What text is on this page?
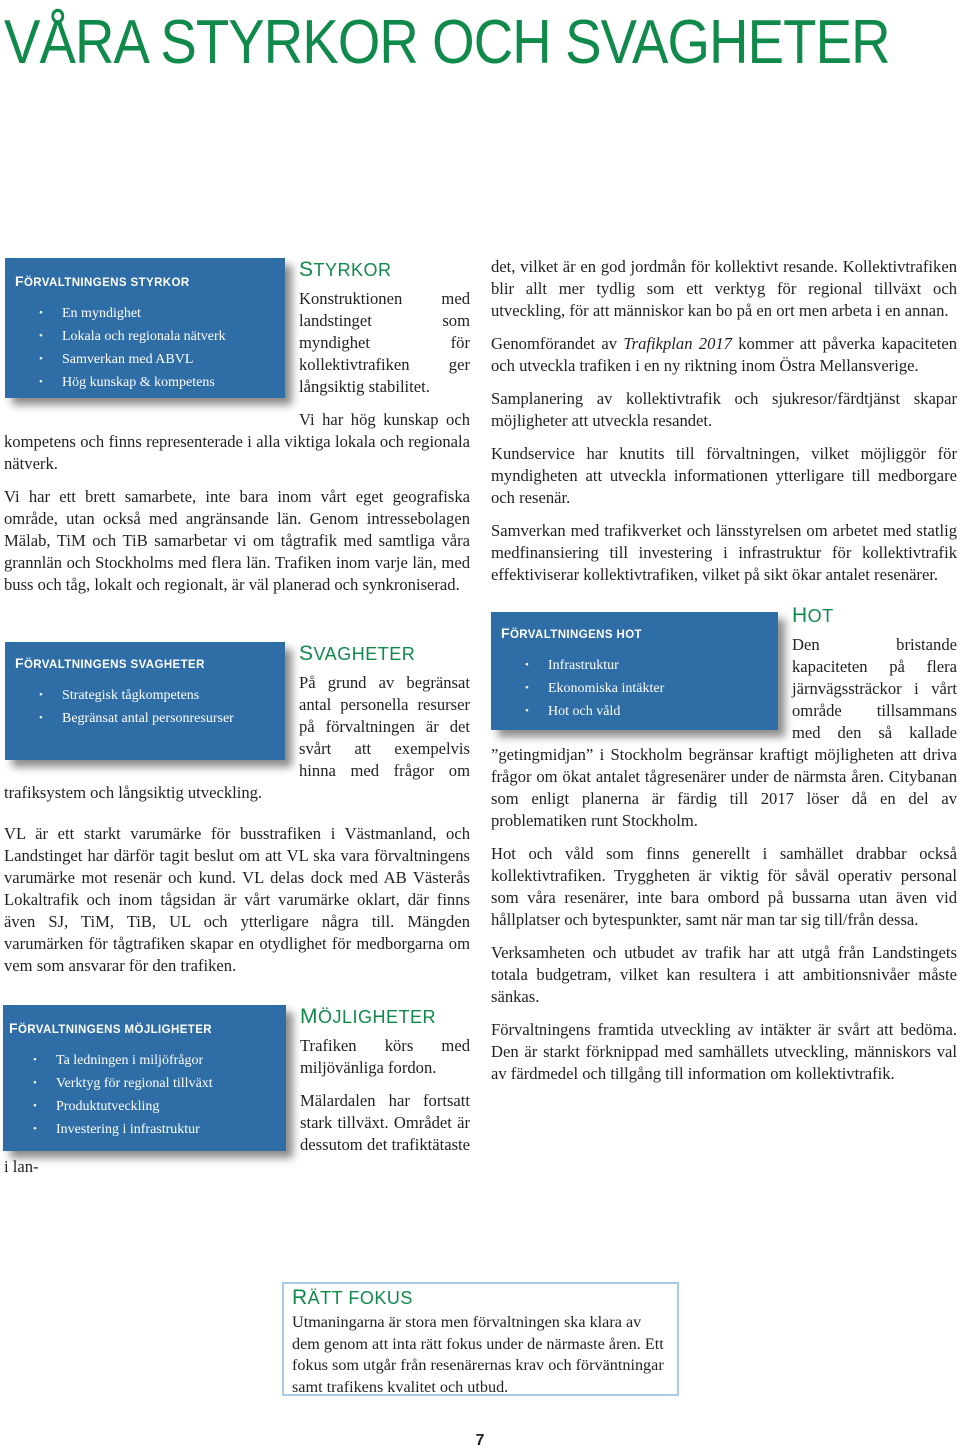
VÅRA STYRKOR OCH SVAGHETER
FÖRVALTNINGENS STYRKOR
• En myndighet
• Lokala och regionala nätverk
• Samverkan med ABVL
• Hög kunskap & kompetens
STYRKOR

Konstruktionen med landstinget som myndighet för kollektivtrafiken ger långsiktig stabilitet.

Vi har hög kunskap och kompetens och finns representerade i alla viktiga lokala och regionala nätverk.

Vi har ett brett samarbete, inte bara inom vårt eget geografiska område, utan också med angränsande län. Genom intressebolagen Mälab, TiM och TiB samarbetar vi om tågtrafik med samtliga våra grannlän och Stockholms med flera län. Trafiken inom varje län, med buss och tåg, lokalt och regionalt, är väl planerad och synkroniserad.

FÖRVALTNINGENS SVAGHETER
• Strategisk tågkompetens
• Begränsat antal personresurser
SVAGHETER

På grund av begränsat antal personella resurser på förvaltningen är det svårt att exempelvis hinna med frågor om trafiksystem och långsiktig utveckling.

VL är ett starkt varumärke för busstrafiken i Västmanland, och Landstinget har därför tagit beslut om att VL ska vara förvaltningens varumärke mot resenär och kund. VL delas dock med AB Västerås Lokaltrafik och inom tågsidan är vårt varumärke oklart, där finns även SJ, TiM, TiB, UL och ytterligare några till. Mängden varumärken för tågtrafiken skapar en otydlighet för medborgarna om vem som ansvarar för den trafiken.

FÖRVALTNINGENS MÖJLIGHETER
• Ta ledningen i miljöfrågor
• Verktyg för regional tillväxt
• Produktutveckling
• Investering i infrastruktur
MÖJLIGHETER

Trafiken körs med miljövänliga fordon.

Mälardalen har fortsatt stark tillväxt. Området är dessutom det trafiktätaste i lan-

det, vilket är en god jordmån för kollektivt resande. Kollektivtrafiken blir allt mer tydlig som ett verktyg för regional tillväxt och utveckling, för att människor kan bo på en ort men arbeta i en annan.

Genomförandet av Trafikplan 2017 kommer att påverka kapaciteten och utveckla trafiken i en ny riktning inom Östra Mellansverige.

Samplanering av kollektivtrafik och sjukresor/färdtjänst skapar möjligheter att utveckla resandet.

Kundservice har knutits till förvaltningen, vilket möjliggör för myndigheten att utveckla informationen ytterligare till medborgare och resenär.

Samverkan med trafikverket och länsstyrelsen om arbetet med statlig medfinansiering till investering i infrastruktur för kollektivtrafik effektiviserar kollektivtrafiken, vilket på sikt ökar antalet resenärer.

FÖRVALTNINGENS HOT
• Infrastruktur
• Ekonomiska intäkter
• Hot och våld
HOT

Den bristande kapaciteten på flera järnvägssträckor i vårt område tillsammans med den så kallade ”getingmidjan” i Stockholm begränsar kraftigt möjligheten att driva frågor om ökat antalet tågresenärer under de närmsta åren. Citybanan som enligt planerna är färdig till 2017 löser då en del av problematiken runt Stockholm.

Hot och våld som finns generellt i samhället drabbar också kollektivtrafiken. Tryggheten är viktig för såväl operativ personal som våra resenärer, inte bara ombord på bussarna utan även vid hållplatser och bytespunkter, samt när man tar sig till/från dessa.

Verksamheten och utbudet av trafik har att utgå från Landstingets totala budgetram, vilket kan resultera i att ambitionsnivåer måste sänkas.

Förvaltningens framtida utveckling av intäkter är svårt att bedöma. Den är starkt förknippad med samhällets utveckling, människors val av färdmedel och tillgång till information om kollektivtrafik.

RÄTT FOKUS

Utmaningarna är stora men förvaltningen ska klara av dem genom att inta rätt fokus under de närmaste åren. Ett fokus som utgår från resenärernas krav och förväntningar samt trafikens kvalitet och utbud.

7
